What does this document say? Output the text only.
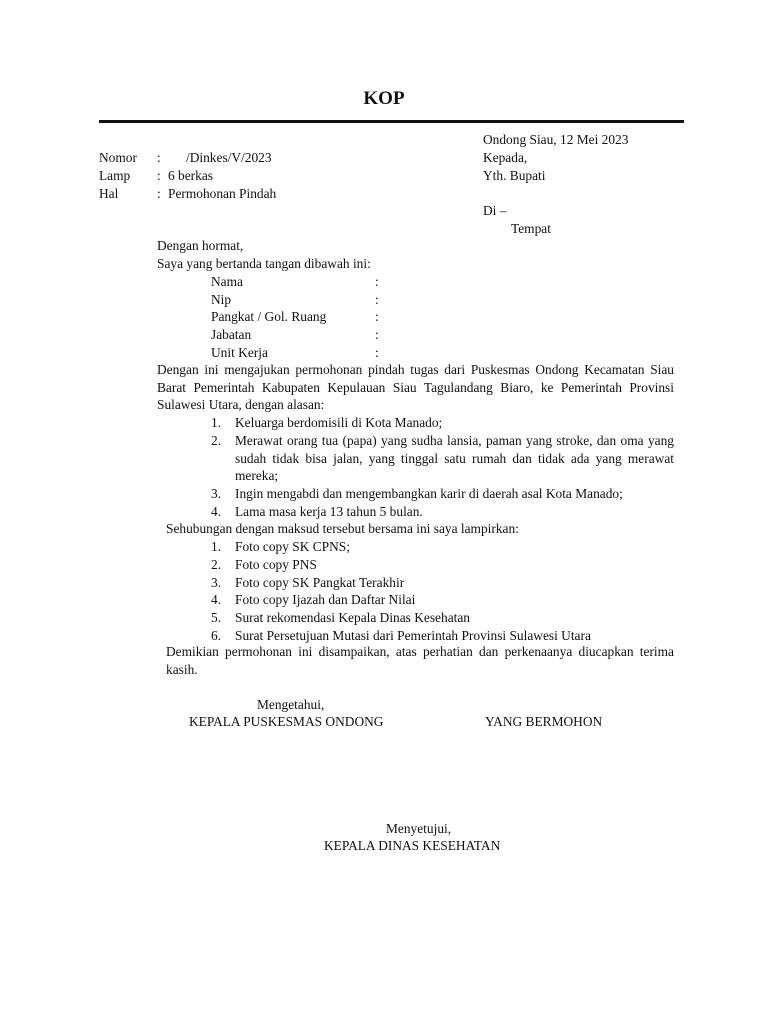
KOP
Ondong Siau, 12 Mei 2023
Nomor : /Dinkes/V/2023
Lamp : 6 berkas
Hal	: Permohonan Pindah
Kepada,
Yth. Bupati
Di –
Tempat
Dengan hormat,
Saya yang bertanda tangan dibawah ini:
Nama	:
Nip	:
Pangkat / Gol. Ruang	:
Jabatan	:
Unit Kerja	:
Dengan ini mengajukan permohonan pindah tugas dari Puskesmas Ondong Kecamatan Siau Barat Pemerintah Kabupaten Kepulauan Siau Tagulandang Biaro, ke Pemerintah Provinsi Sulawesi Utara, dengan alasan:
1.	Keluarga berdomisili di Kota Manado;
2.	Merawat orang tua (papa) yang sudha lansia, paman yang stroke, dan oma yang sudah tidak bisa jalan, yang tinggal satu rumah dan tidak ada yang merawat mereka;
3.	Ingin mengabdi dan mengembangkan karir di daerah asal Kota Manado;
4.	Lama masa kerja 13 tahun 5 bulan.
Sehubungan dengan maksud tersebut bersama ini saya lampirkan:
1.	Foto copy SK CPNS;
2.	Foto copy PNS
3.	Foto copy SK Pangkat Terakhir
4.	Foto copy Ijazah dan Daftar Nilai
5.	Surat rekomendasi Kepala Dinas Kesehatan
6.	Surat Persetujuan Mutasi dari Pemerintah Provinsi Sulawesi Utara
Demikian permohonan ini disampaikan, atas perhatian dan perkenaanya diucapkan terima kasih.
Mengetahui,
KEPALA PUSKESMAS ONDONG	YANG BERMOHON
Menyetujui,
KEPALA DINAS KESEHATAN
